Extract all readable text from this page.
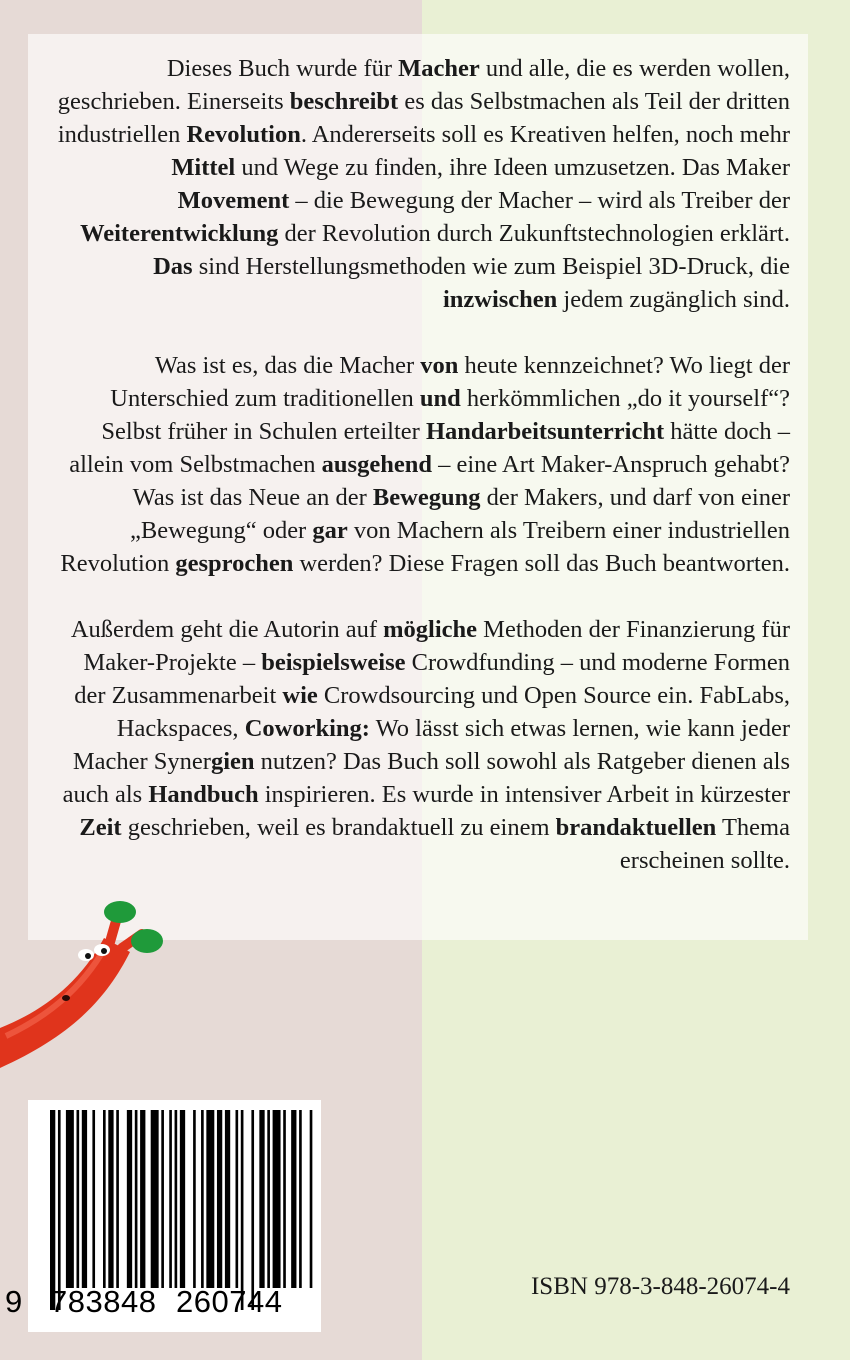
Dieses Buch wurde für Macher und alle, die es werden wollen, geschrieben. Einerseits beschreibt es das Selbstmachen als Teil der dritten industriellen Revolution. Andererseits soll es Kreativen helfen, noch mehr Mittel und Wege zu finden, ihre Ideen umzusetzen. Das Maker Movement – die Bewegung der Macher – wird als Treiber der Weiterentwicklung der Revolution durch Zukunftstechnologien erklärt. Das sind Herstellungsmethoden wie zum Beispiel 3D-Druck, die inzwischen jedem zugänglich sind.

Was ist es, das die Macher von heute kennzeichnet? Wo liegt der Unterschied zum traditionellen und herkömmlichen „do it yourself“? Selbst früher in Schulen erteilter Handarbeitsunterricht hätte doch – allein vom Selbstmachen ausgehend – eine Art Maker-Anspruch gehabt? Was ist das Neue an der Bewegung der Makers, und darf von einer „Bewegung“ oder gar von Machern als Treibern einer industriellen Revolution gesprochen werden? Diese Fragen soll das Buch beantworten.

Außerdem geht die Autorin auf mögliche Methoden der Finanzierung für Maker-Projekte – beispielsweise Crowdfunding – und moderne Formen der Zusammenarbeit wie Crowdsourcing und Open Source ein. FabLabs, Hackspaces, Coworking: Wo lässt sich etwas lernen, wie kann jeder Macher Synergien nutzen? Das Buch soll sowohl als Ratgeber dienen als auch als Handbuch inspirieren. Es wurde in intensiver Arbeit in kürzester Zeit geschrieben, weil es brandaktuell zu einem brandaktuellen Thema erscheinen sollte.

9 783848 260744	ISBN 978-3-848-26074-4
